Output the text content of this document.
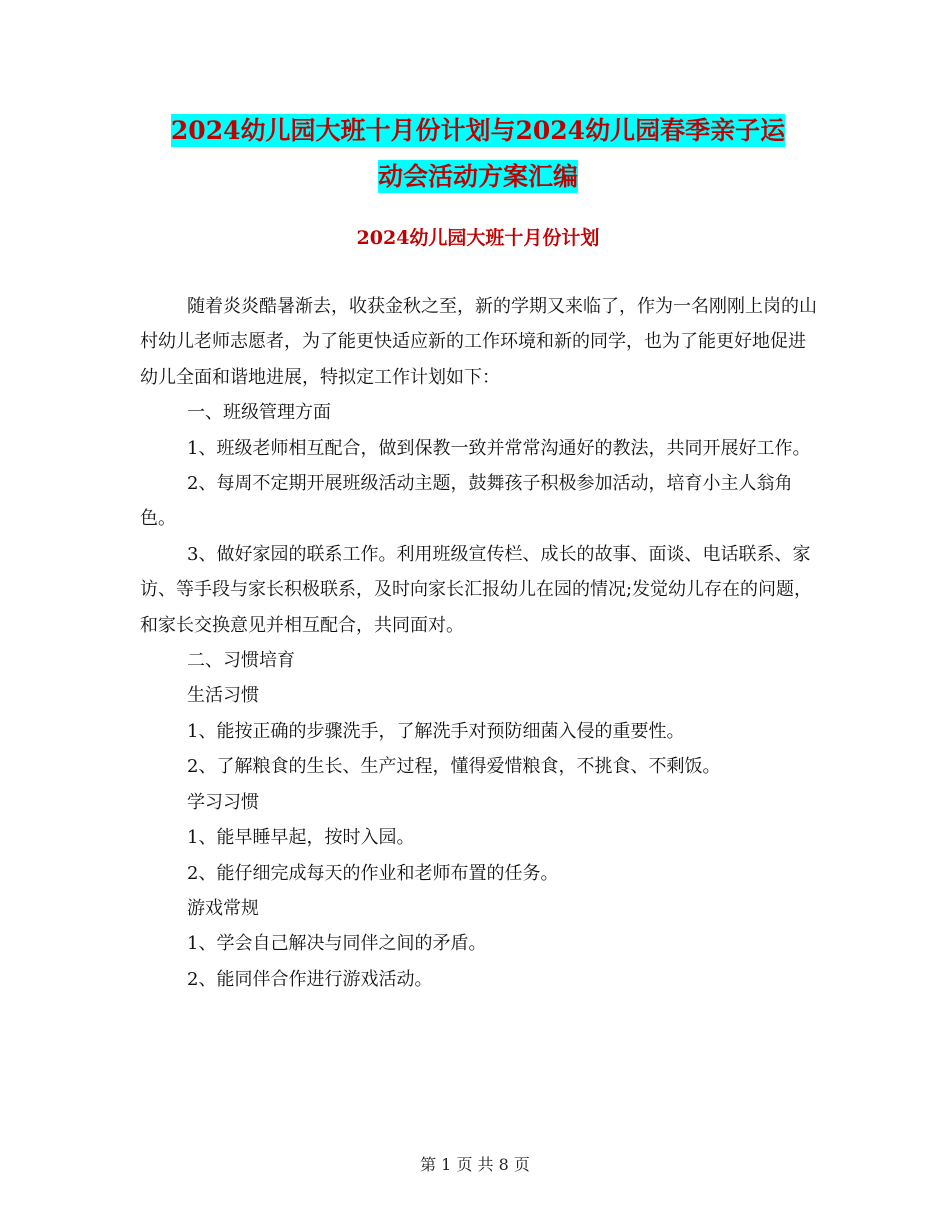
2024幼儿园大班十月份计划与2024幼儿园春季亲子运
动会活动方案汇编
2024幼儿园大班十月份计划

随着炎炎酷暑渐去，收获金秋之至，新的学期又来临了，作为一名刚刚上岗的山村幼儿老师志愿者，为了能更快适应新的工作环境和新的同学，也为了能更好地促进幼儿全面和谐地进展，特拟定工作计划如下：

一、班级管理方面

1、班级老师相互配合，做到保教一致并常常沟通好的教法，共同开展好工作。

2、每周不定期开展班级活动主题，鼓舞孩子积极参加活动，培育小主人翁角色。

3、做好家园的联系工作。利用班级宣传栏、成长的故事、面谈、电话联系、家访、等手段与家长积极联系，及时向家长汇报幼儿在园的情况;发觉幼儿存在的问题，和家长交换意见并相互配合，共同面对。

二、习惯培育

生活习惯

1、能按正确的步骤洗手，了解洗手对预防细菌入侵的重要性。

2、了解粮食的生长、生产过程，懂得爱惜粮食，不挑食、不剩饭。

学习习惯

1、能早睡早起，按时入园。

2、能仔细完成每天的作业和老师布置的任务。

游戏常规

1、学会自己解决与同伴之间的矛盾。

2、能同伴合作进行游戏活动。

第 1 页 共 8 页
